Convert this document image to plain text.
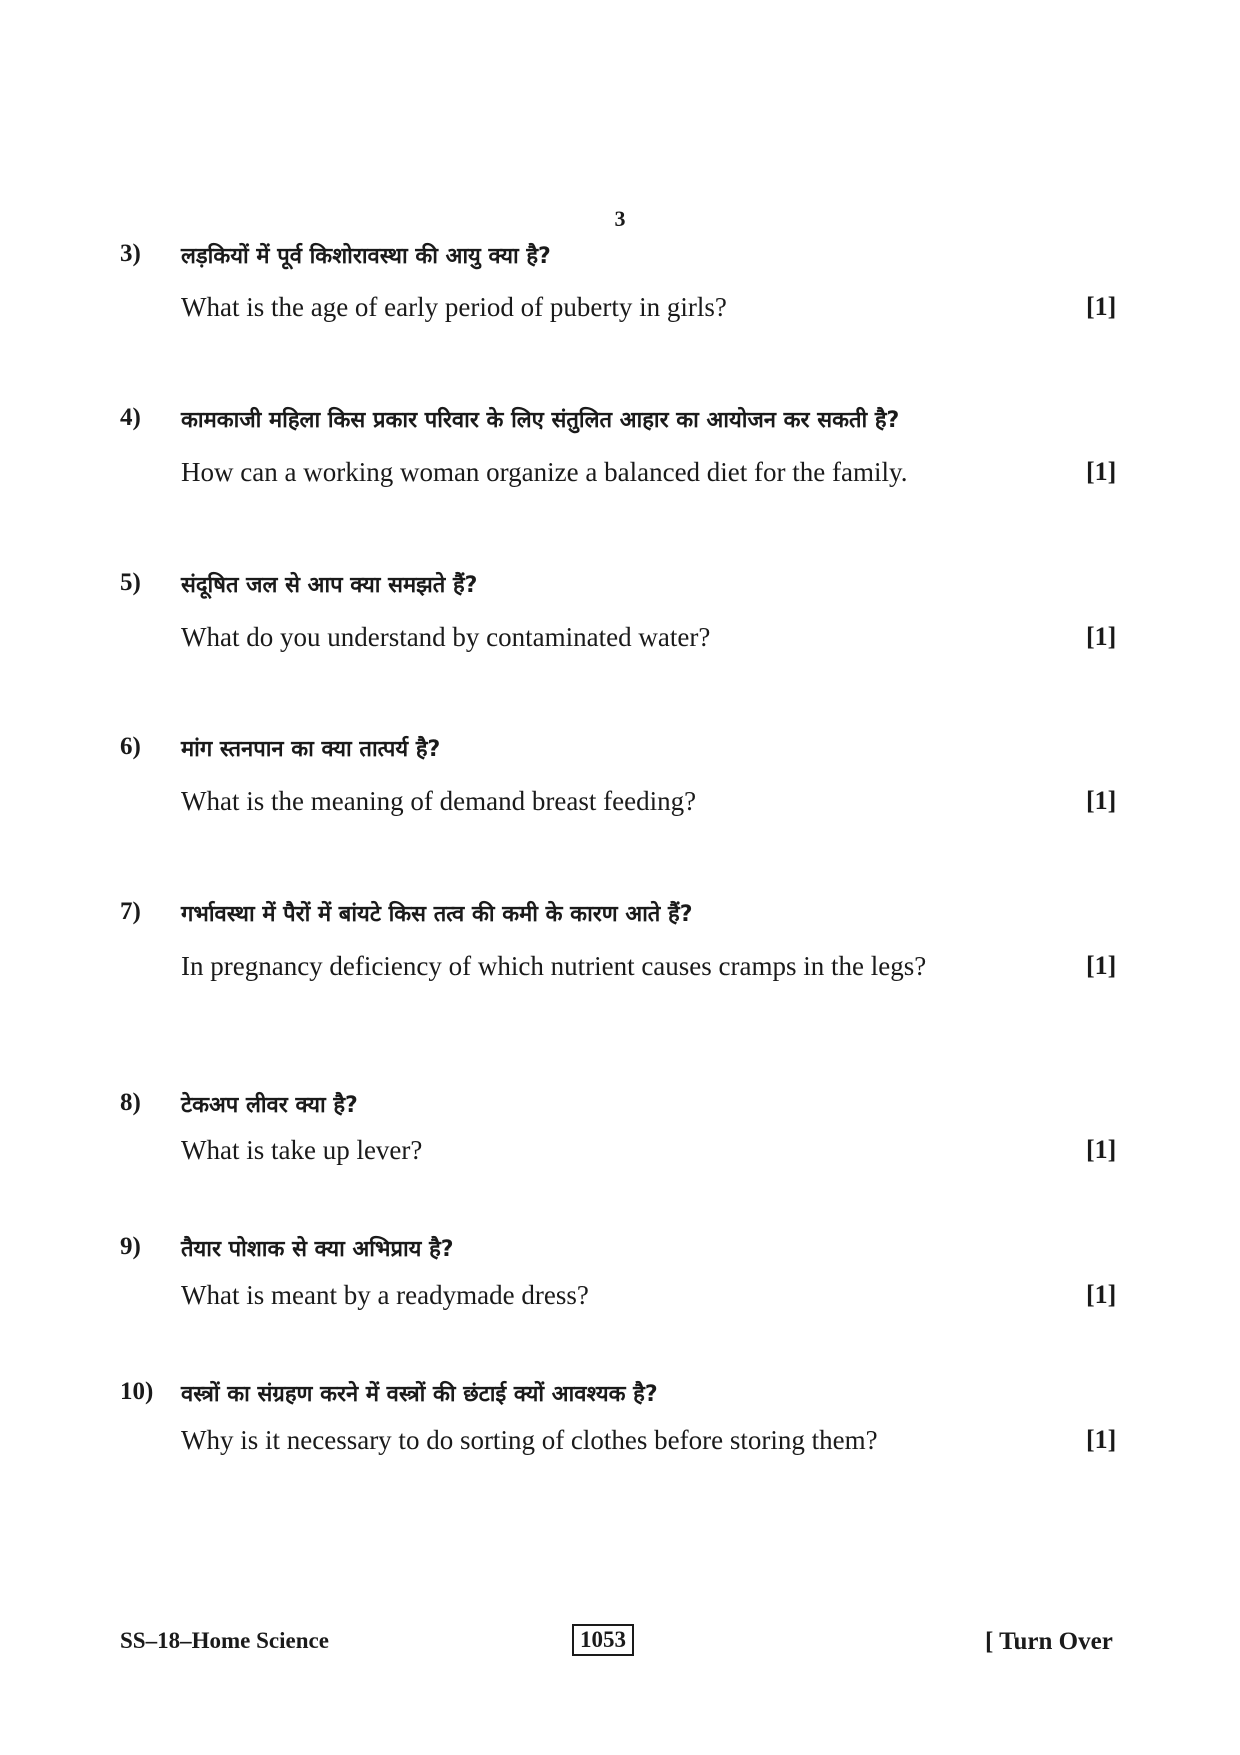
3
3) लड़कियों में पूर्व किशोरावस्था की आयु क्या है?
What is the age of early period of puberty in girls?	[1]
4) कामकाजी महिला किस प्रकार परिवार के लिए संतुलित आहार का आयोजन कर सकती है?
How can a working woman organize a balanced diet for the family.	[1]
5) संदूषित जल से आप क्या समझते हैं?
What do you understand by contaminated water?	[1]
6) मांग स्तनपान का क्या तात्पर्य है?
What is the meaning of demand breast feeding?	[1]
7) गर्भावस्था में पैरों में बांयटे किस तत्व की कमी के कारण आते हैं?
In pregnancy deficiency of which nutrient causes cramps in the legs?	[1]
8) टेकअप लीवर क्या है?
What is take up lever?	[1]
9) तैयार पोशाक से क्या अभिप्राय है?
What is meant by a readymade dress?	[1]
10) वस्त्रों का संग्रहण करने में वस्त्रों की छंटाई क्यों आवश्यक है?
Why is it necessary to do sorting of clothes before storing them?	[1]
SS–18–Home Science	1053	[ Turn Over
